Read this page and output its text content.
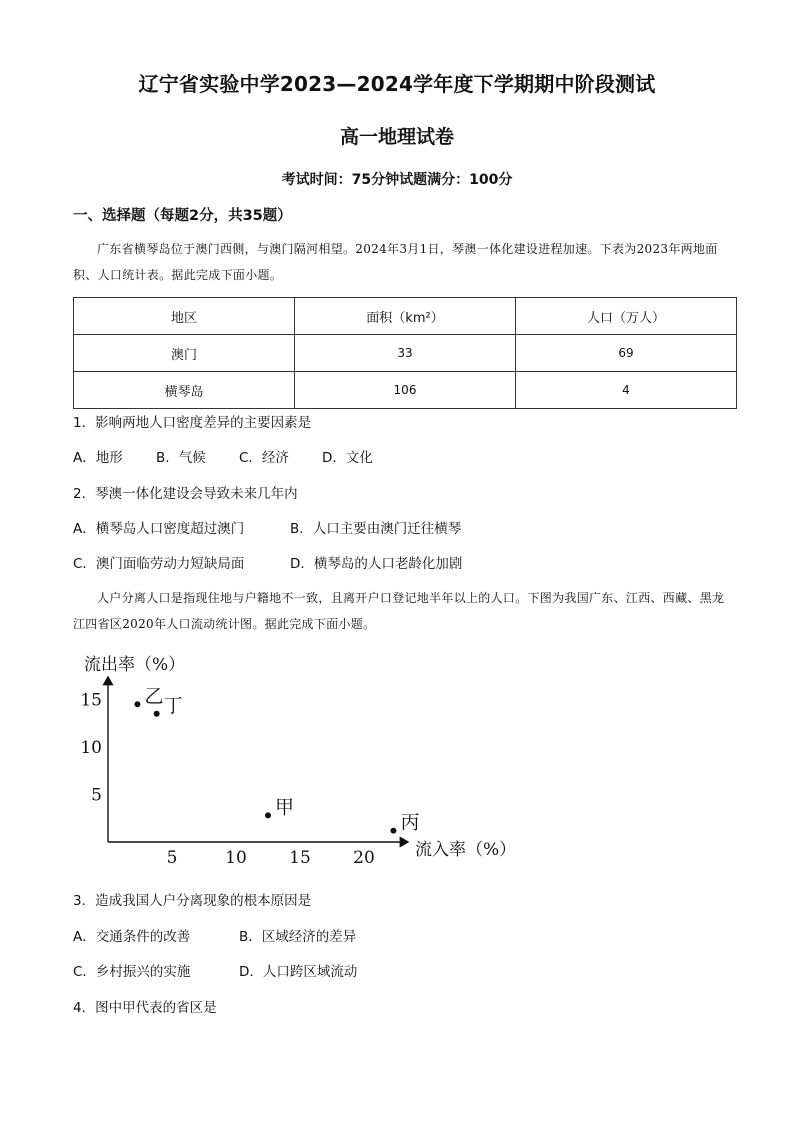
辽宁省实验中学2023—2024学年度下学期期中阶段测试
高一地理试卷
考试时间：75分钟试题满分：100分
一、选择题（每题2分，共35题）
广东省横琴岛位于澳门西侧，与澳门隔河相望。2024年3月1日，琴澳一体化建设进程加速。下表为2023年两地面积、人口统计表。据此完成下面小题。
地区	面积（km²）	人口（万人）
澳门	33	69
横琴岛	106	4
1．影响两地人口密度差异的主要因素是
A．地形 B．气候 C．经济 D．文化
2．琴澳一体化建设会导致未来几年内
A．横琴岛人口密度超过澳门	B．人口主要由澳门迁往横琴
C．澳门面临劳动力短缺局面	D．横琴岛的人口老龄化加剧
人户分离人口是指现住地与户籍地不一致，且离开户口登记地半年以上的人口。下图为我国广东、江西、西藏、黑龙江四省区2020年人口流动统计图。据此完成下面小题。
流出率（%）
流入率（%）
5	10 15 20
5
10
15 乙 丁
甲
丙
3．造成我国人户分离现象的根本原因是
A．交通条件的改善	B．区域经济的差异
C．乡村振兴的实施	D．人口跨区域流动
4．图中甲代表的省区是
